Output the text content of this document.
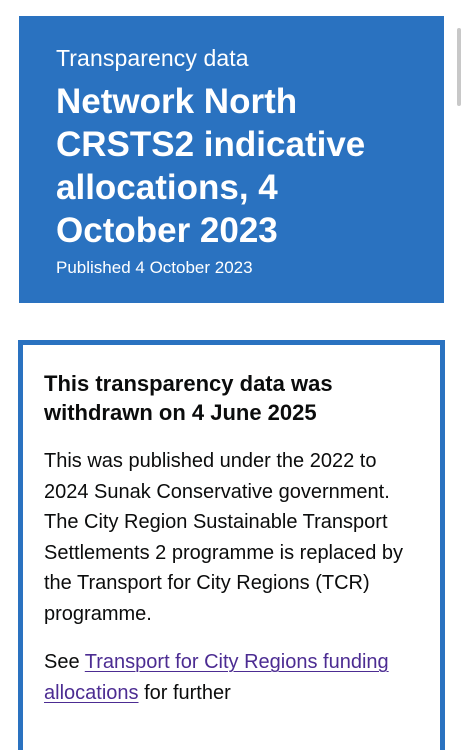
Transparency data

Network North CRSTS2 indicative allocations, 4 October 2023

Published 4 October 2023

This transparency data was withdrawn on 4 June 2025

This was published under the 2022 to 2024 Sunak Conservative government. The City Region Sustainable Transport Settlements 2 programme is replaced by the Transport for City Regions (TCR) programme.

See Transport for City Regions funding allocations for further
